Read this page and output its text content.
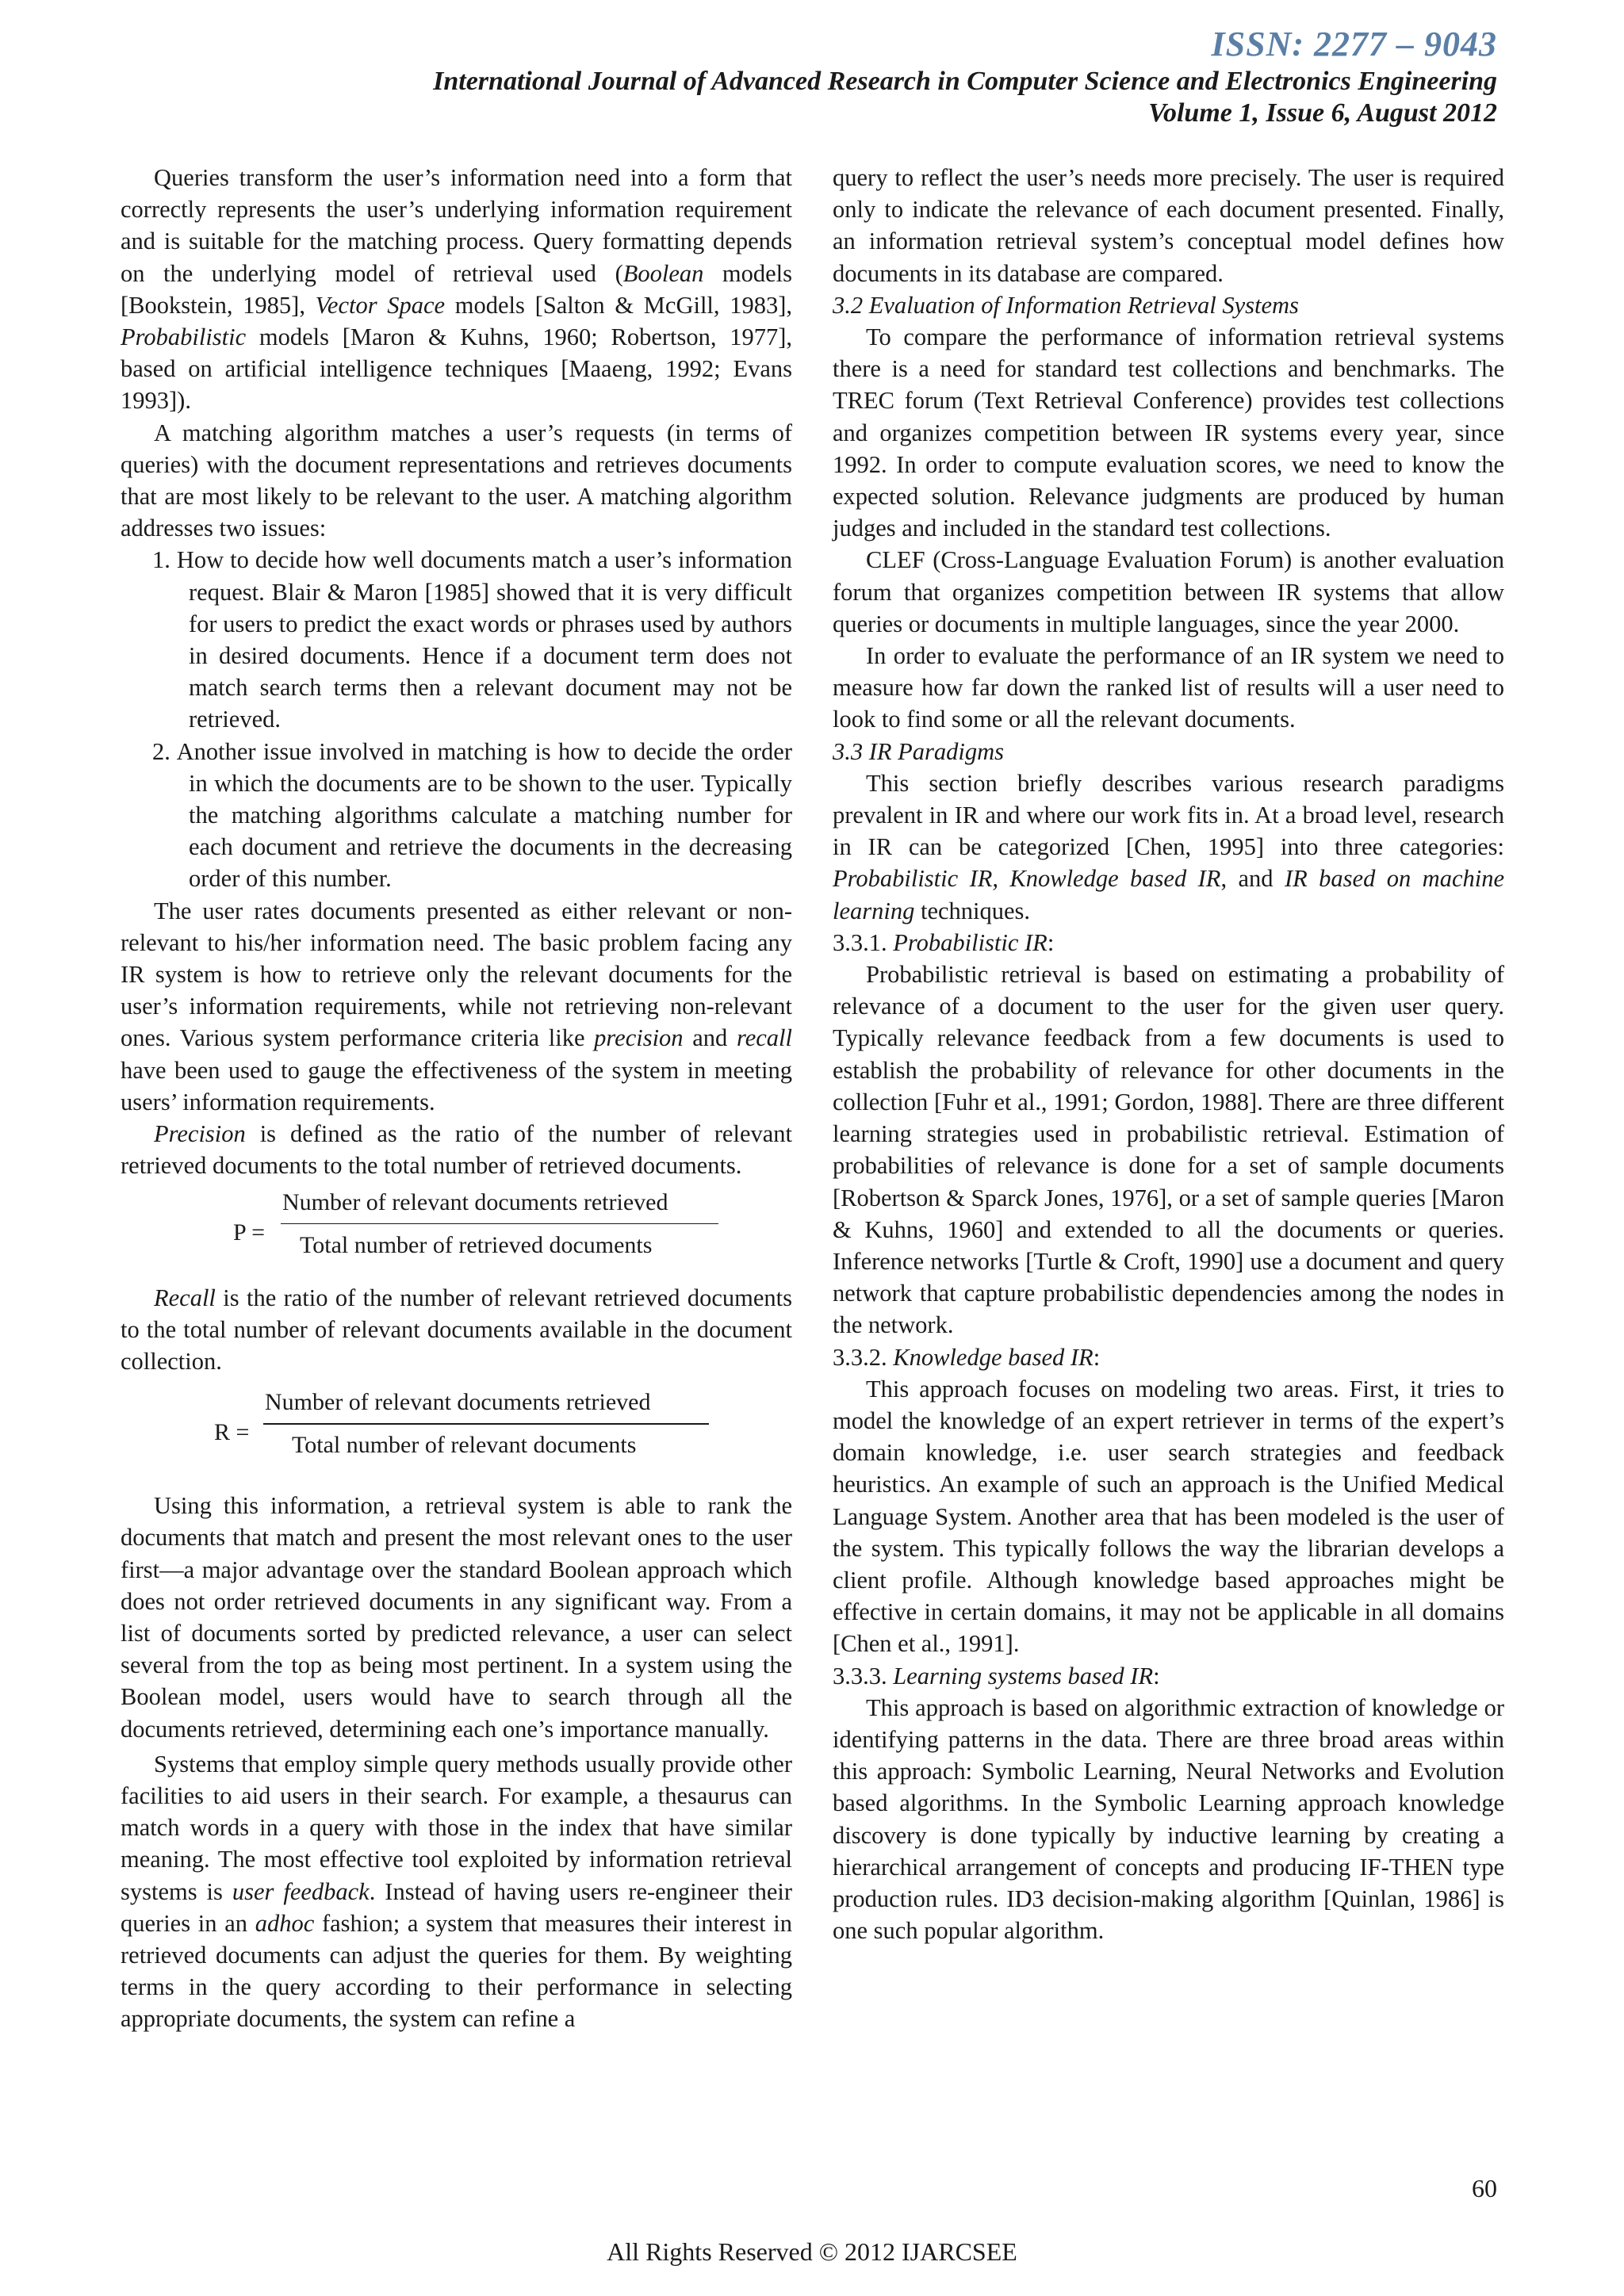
ISSN: 2277 – 9043
International Journal of Advanced Research in Computer Science and Electronics Engineering
Volume 1, Issue 6, August 2012

Queries transform the user’s information need into a form that correctly represents the user’s underlying information requirement and is suitable for the matching process. Query formatting depends on the underlying model of retrieval used (Boolean models [Bookstein, 1985], Vector Space models [Salton & McGill, 1983], Probabilistic models [Maron & Kuhns, 1960; Robertson, 1977], based on artificial intelligence techniques [Maaeng, 1992; Evans 1993]).

A matching algorithm matches a user’s requests (in terms of queries) with the document representations and retrieves documents that are most likely to be relevant to the user. A matching algorithm addresses two issues:

1. How to decide how well documents match a user’s information request. Blair & Maron [1985] showed that it is very difficult for users to predict the exact words or phrases used by authors in desired documents. Hence if a document term does not match search terms then a relevant document may not be retrieved.
2. Another issue involved in matching is how to decide the order in which the documents are to be shown to the user. Typically the matching algorithms calculate a matching number for each document and retrieve the documents in the decreasing order of this number.

The user rates documents presented as either relevant or non-relevant to his/her information need. The basic problem facing any IR system is how to retrieve only the relevant documents for the user’s information requirements, while not retrieving non-relevant ones. Various system performance criteria like precision and recall have been used to gauge the effectiveness of the system in meeting users’ information requirements.

Precision is defined as the ratio of the number of relevant retrieved documents to the total number of retrieved documents.

P =
Number of relevant documents retrieved
Total number of retrieved documents

Recall is the ratio of the number of relevant retrieved documents to the total number of relevant documents available in the document collection.

R =
Number of relevant documents retrieved
Total number of relevant documents

Using this information, a retrieval system is able to rank the documents that match and present the most relevant ones to the user first—a major advantage over the standard Boolean approach which does not order retrieved documents in any significant way. From a list of documents sorted by predicted relevance, a user can select several from the top as being most pertinent. In a system using the Boolean model, users would have to search through all the documents retrieved, determining each one’s importance manually.

Systems that employ simple query methods usually provide other facilities to aid users in their search. For example, a thesaurus can match words in a query with those in the index that have similar meaning. The most effective tool exploited by information retrieval systems is user feedback. Instead of having users re-engineer their queries in an adhoc fashion; a system that measures their interest in retrieved documents can adjust the queries for them. By weighting terms in the query according to their performance in selecting appropriate documents, the system can refine a

query to reflect the user’s needs more precisely. The user is required only to indicate the relevance of each document presented. Finally, an information retrieval system’s conceptual model defines how documents in its database are compared.

3.2 Evaluation of Information Retrieval Systems

To compare the performance of information retrieval systems there is a need for standard test collections and benchmarks. The TREC forum (Text Retrieval Conference) provides test collections and organizes competition between IR systems every year, since 1992. In order to compute evaluation scores, we need to know the expected solution. Relevance judgments are produced by human judges and included in the standard test collections.

CLEF (Cross-Language Evaluation Forum) is another evaluation forum that organizes competition between IR systems that allow queries or documents in multiple languages, since the year 2000.

In order to evaluate the performance of an IR system we need to measure how far down the ranked list of results will a user need to look to find some or all the relevant documents.

3.3 IR Paradigms

This section briefly describes various research paradigms prevalent in IR and where our work fits in. At a broad level, research in IR can be categorized [Chen, 1995] into three categories: Probabilistic IR, Knowledge based IR, and IR based on machine learning techniques.

3.3.1. Probabilistic IR:

Probabilistic retrieval is based on estimating a probability of relevance of a document to the user for the given user query. Typically relevance feedback from a few documents is used to establish the probability of relevance for other documents in the collection [Fuhr et al., 1991; Gordon, 1988]. There are three different learning strategies used in probabilistic retrieval. Estimation of probabilities of relevance is done for a set of sample documents [Robertson & Sparck Jones, 1976], or a set of sample queries [Maron & Kuhns, 1960] and extended to all the documents or queries. Inference networks [Turtle & Croft, 1990] use a document and query network that capture probabilistic dependencies among the nodes in the network.

3.3.2. Knowledge based IR:

This approach focuses on modeling two areas. First, it tries to model the knowledge of an expert retriever in terms of the expert’s domain knowledge, i.e. user search strategies and feedback heuristics. An example of such an approach is the Unified Medical Language System. Another area that has been modeled is the user of the system. This typically follows the way the librarian develops a client profile. Although knowledge based approaches might be effective in certain domains, it may not be applicable in all domains [Chen et al., 1991].

3.3.3. Learning systems based IR:

This approach is based on algorithmic extraction of knowledge or identifying patterns in the data. There are three broad areas within this approach: Symbolic Learning, Neural Networks and Evolution based algorithms. In the Symbolic Learning approach knowledge discovery is done typically by inductive learning by creating a hierarchical arrangement of concepts and producing IF-THEN type production rules. ID3 decision-making algorithm [Quinlan, 1986] is one such popular algorithm.

60
All Rights Reserved © 2012 IJARCSEE
